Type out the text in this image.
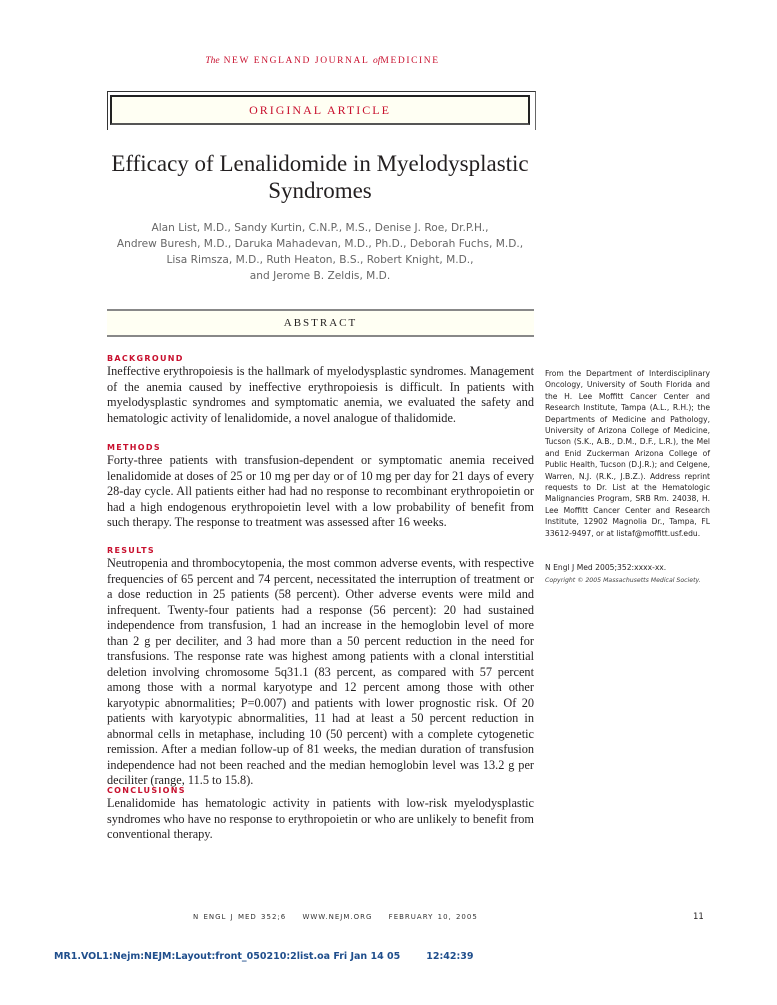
The NEW ENGLAND JOURNAL ofMEDICINE
ORIGINAL ARTICLE
Efficacy of Lenalidomide in Myelodysplastic Syndromes
Alan List, M.D., Sandy Kurtin, C.N.P., M.S., Denise J. Roe, Dr.P.H.,
Andrew Buresh, M.D., Daruka Mahadevan, M.D., Ph.D., Deborah Fuchs, M.D.,
Lisa Rimsza, M.D., Ruth Heaton, B.S., Robert Knight, M.D.,
and Jerome B. Zeldis, M.D.
ABSTRACT
BACKGROUND
Ineffective erythropoiesis is the hallmark of myelodysplastic syndromes. Management of the anemia caused by ineffective erythropoiesis is difficult. In patients with myelodysplastic syndromes and symptomatic anemia, we evaluated the safety and hematologic activity of lenalidomide, a novel analogue of thalidomide.
METHODS
Forty-three patients with transfusion-dependent or symptomatic anemia received lenalidomide at doses of 25 or 10 mg per day or of 10 mg per day for 21 days of every 28-day cycle. All patients either had had no response to recombinant erythropoietin or had a high endogenous erythropoietin level with a low probability of benefit from such therapy. The response to treatment was assessed after 16 weeks.
RESULTS
Neutropenia and thrombocytopenia, the most common adverse events, with respective frequencies of 65 percent and 74 percent, necessitated the interruption of treatment or a dose reduction in 25 patients (58 percent). Other adverse events were mild and infrequent. Twenty-four patients had a response (56 percent): 20 had sustained independence from transfusion, 1 had an increase in the hemoglobin level of more than 2 g per deciliter, and 3 had more than a 50 percent reduction in the need for transfusions. The response rate was highest among patients with a clonal interstitial deletion involving chromosome 5q31.1 (83 percent, as compared with 57 percent among those with a normal karyotype and 12 percent among those with other karyotypic abnormalities; P=0.007) and patients with lower prognostic risk. Of 20 patients with karyotypic abnormalities, 11 had at least a 50 percent reduction in abnormal cells in metaphase, including 10 (50 percent) with a complete cytogenetic remission. After a median follow-up of 81 weeks, the median duration of transfusion independence had not been reached and the median hemoglobin level was 13.2 g per deciliter (range, 11.5 to 15.8).
CONCLUSIONS
Lenalidomide has hematologic activity in patients with low-risk myelodysplastic syndromes who have no response to erythropoietin or who are unlikely to benefit from conventional therapy.
From the Department of Interdisciplinary Oncology, University of South Florida and the H. Lee Moffitt Cancer Center and Research Institute, Tampa (A.L., R.H.); the Departments of Medicine and Pathology, University of Arizona College of Medicine, Tucson (S.K., A.B., D.M., D.F., L.R.), the Mel and Enid Zuckerman Arizona College of Public Health, Tucson (D.J.R.); and Celgene, Warren, N.J. (R.K., J.B.Z.). Address reprint requests to Dr. List at the Hematologic Malignancies Program, SRB Rm. 24038, H. Lee Moffitt Cancer Center and Research Institute, 12902 Magnolia Dr., Tampa, FL 33612-9497, or at listaf@moffitt.usf.edu.
N Engl J Med 2005;352:xxxx-xx.
Copyright © 2005 Massachusetts Medical Society.
N ENGL J MED 352;6 WWW.NEJM.ORG FEBRUARY 10, 2005	11
MR1.VOL1:Nejm:NEJM:Layout:front_050210:2list.oa Fri Jan 14 05	12:42:39
